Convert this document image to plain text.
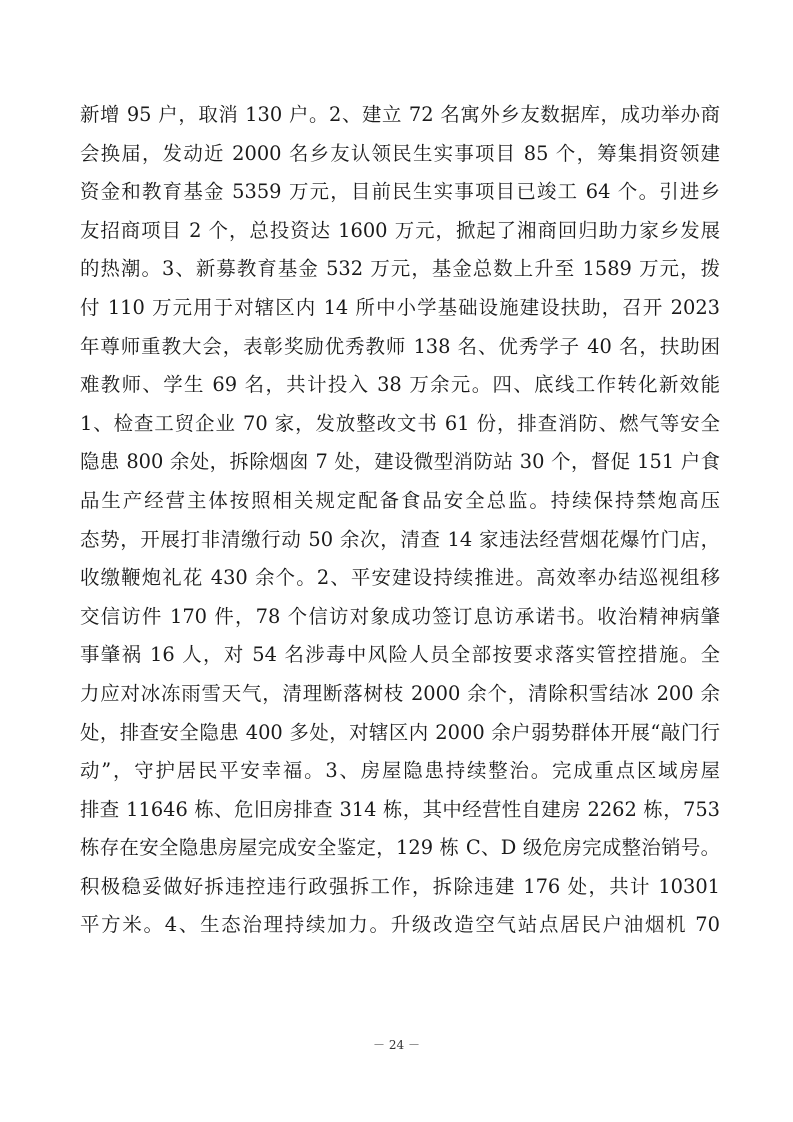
新增 95 户，取消 130 户。2、建立 72 名寓外乡友数据库，成功举办商
会换届，发动近 2000 名乡友认领民生实事项目 85 个，筹集捐资领建
资金和教育基金 5359 万元，目前民生实事项目已竣工 64 个。引进乡
友招商项目 2 个，总投资达 1600 万元，掀起了湘商回归助力家乡发展
的热潮。3、新募教育基金 532 万元，基金总数上升至 1589 万元，拨
付 110 万元用于对辖区内 14 所中小学基础设施建设扶助，召开 2023
年尊师重教大会，表彰奖励优秀教师 138 名、优秀学子 40 名，扶助困
难教师、学生 69 名，共计投入 38 万余元。四、底线工作转化新效能
1、检查工贸企业 70 家，发放整改文书 61 份，排查消防、燃气等安全
隐患 800 余处，拆除烟囱 7 处，建设微型消防站 30 个，督促 151 户食
品生产经营主体按照相关规定配备食品安全总监。持续保持禁炮高压
态势，开展打非清缴行动 50 余次，清查 14 家违法经营烟花爆竹门店，
收缴鞭炮礼花 430 余个。2、平安建设持续推进。高效率办结巡视组移
交信访件 170 件，78 个信访对象成功签订息访承诺书。收治精神病肇
事肇祸 16 人，对 54 名涉毒中风险人员全部按要求落实管控措施。全
力应对冰冻雨雪天气，清理断落树枝 2000 余个，清除积雪结冰 200 余
处，排查安全隐患 400 多处，对辖区内 2000 余户弱势群体开展“敲门行
动”，守护居民平安幸福。3、房屋隐患持续整治。完成重点区域房屋
排查 11646 栋、危旧房排查 314 栋，其中经营性自建房 2262 栋，753
栋存在安全隐患房屋完成安全鉴定，129 栋 C、D 级危房完成整治销号。
积极稳妥做好拆违控违行政强拆工作，拆除违建 176 处，共计 10301
平方米。4、生态治理持续加力。升级改造空气站点居民户油烟机 70
－ 24 －
